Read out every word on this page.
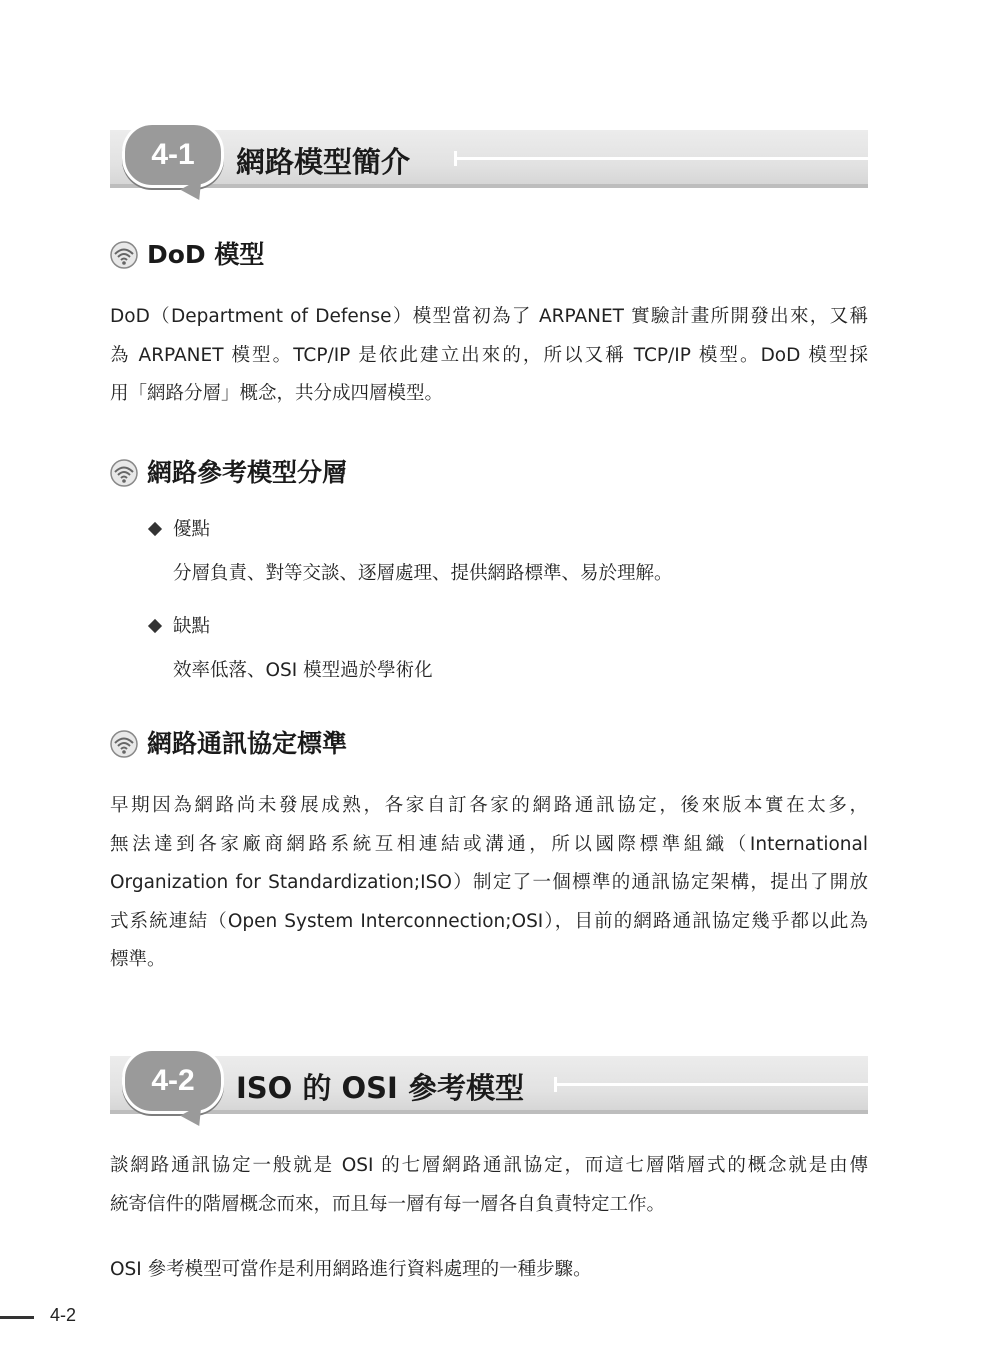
4-1	網路模型簡介
DoD 模型
DoD（Department of Defense）模型當初為了 ARPANET 實驗計畫所開發出來，又稱
為 ARPANET 模型。TCP/IP 是依此建立出來的，所以又稱 TCP/IP 模型。DoD 模型採
用「網路分層」概念，共分成四層模型。
網路參考模型分層
優點
分層負責、對等交談、逐層處理、提供網路標準、易於理解。
缺點
效率低落、OSI 模型過於學術化
網路通訊協定標準
早期因為網路尚未發展成熟，各家自訂各家的網路通訊協定，後來版本實在太多，
無法達到各家廠商網路系統互相連結或溝通，所以國際標準組織（International
Organization for Standardization;ISO）制定了一個標準的通訊協定架構，提出了開放
式系統連結（Open System Interconnection;OSI），目前的網路通訊協定幾乎都以此為
標準。
4-2	ISO 的 OSI 參考模型
談網路通訊協定一般就是 OSI 的七層網路通訊協定，而這七層階層式的概念就是由傳
統寄信件的階層概念而來，而且每一層有每一層各自負責特定工作。
OSI 參考模型可當作是利用網路進行資料處理的一種步驟。
4-2
